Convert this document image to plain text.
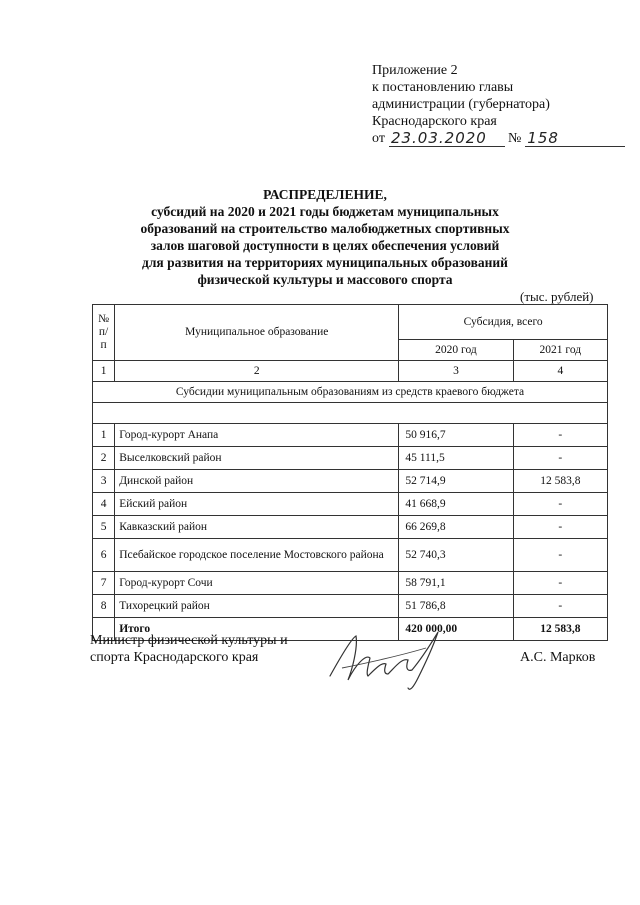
Приложение 2
к постановлению главы
администрации (губернатора)
Краснодарского края
от 23.03.2020	№ 158
РАСПРЕДЕЛЕНИЕ,
субсидий на 2020 и 2021 годы бюджетам муниципальных
образований на строительство малобюджетных спортивных
залов шаговой доступности в целях обеспечения условий
для развития на территориях муниципальных образований
физической культуры и массового спорта
(тыс. рублей)
№
п/п	Муниципальное образование	Субсидия, всего	
		2020 год	2021 год
1	2	3	4
Субсидии муниципальным образованиям из средств краевого бюджета			

1	Город-курорт Анапа	50 916,7	-
2	Выселковский район	45 111,5	-
3	Динской район	52 714,9	12 583,8
4	Ейский район	41 668,9	-
5	Кавказский район	66 269,8	-
6	Псебайское городское поселение Мостовского района	52 740,3	-
7	Город-курорт Сочи	58 791,1	-
8	Тихорецкий район	51 786,8	-
	Итого	420 000,00	12 583,8
Министр физической культуры и
спорта Краснодарского края	А.С. Марков
